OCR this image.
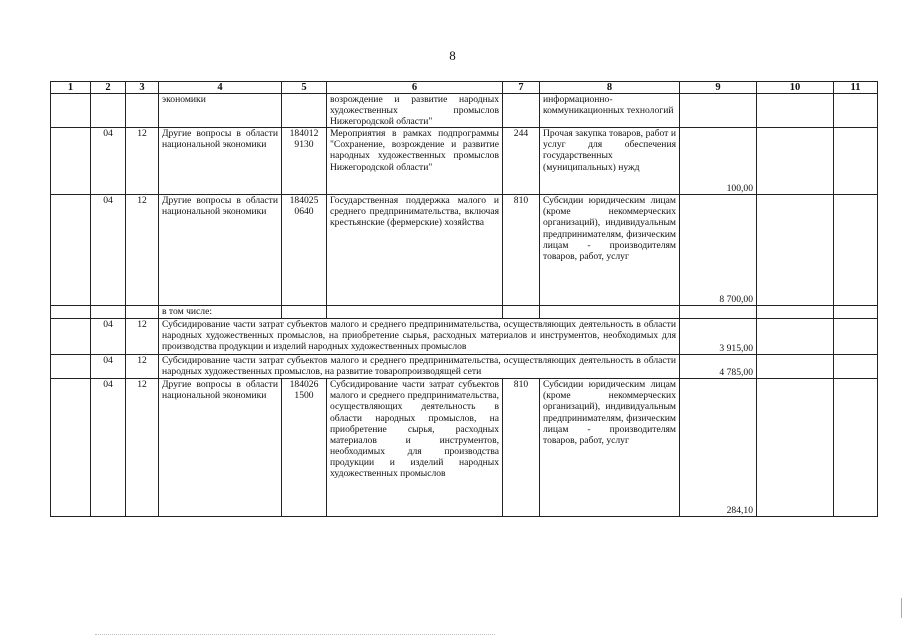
8
1	2	3	4	5	6	7	8	9	10	11
			экономики		возрождение и развитие народных художественных промыслов Нижегородской области"		информационно-коммуникационных технологий			
	04	12	Другие вопросы в области национальной экономики	184012 9130	Мероприятия в рамках подпрограммы "Сохранение, возрождение и развитие народных художественных промыслов Нижегородской области"	244	Прочая закупка товаров, работ и услуг для обеспечения государственных (муниципальных) нужд	100,00		
	04	12	Другие вопросы в области национальной экономики	184025 0640	Государственная поддержка малого и среднего предпринимательства, включая крестьянские (фермерские) хозяйства	810	Субсидии юридическим лицам (кроме некоммерческих организаций), индивидуальным предпринимателям, физическим лицам - производителям товаров, работ, услуг	8 700,00		
			в том числе:							
	04	12	Субсидирование части затрат субъектов малого и среднего предпринимательства, осуществляющих деятельность в области народных художественных промыслов, на приобретение сырья, расходных материалов и инструментов, необходимых для производства продукции и изделий народных художественных промыслов					3 915,00		
	04	12	Субсидирование части затрат субъектов малого и среднего предпринимательства, осуществляющих деятельность в области народных художественных промыслов, на развитие товаропроизводящей сети					4 785,00		
	04	12	Другие вопросы в области национальной экономики	184026 1500	Субсидирование части затрат субъектов малого и среднего предпринимательства, осуществляющих деятельность в области народных промыслов, на приобретение сырья, расходных материалов и инструментов, необходимых для производства продукции и изделий народных художественных промыслов	810	Субсидии юридическим лицам (кроме некоммерческих организаций), индивидуальным предпринимателям, физическим лицам - производителям товаров, работ, услуг	284,10		
